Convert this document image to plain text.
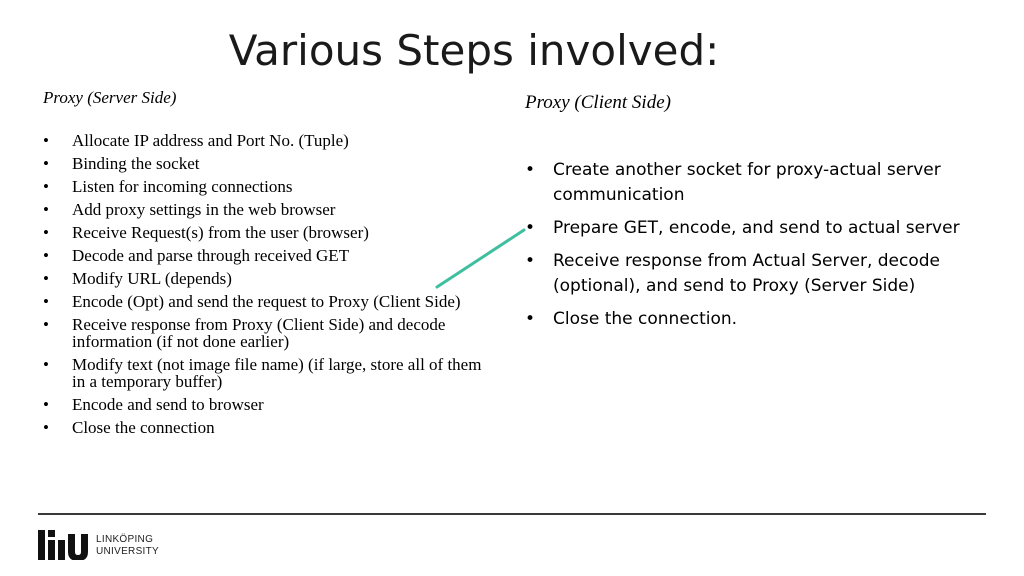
Various Steps involved:
Proxy (Server Side)
• Allocate IP address and Port No. (Tuple)
• Binding the socket
• Listen for incoming connections
• Add proxy settings in the web browser
• Receive Request(s) from the user (browser)
• Decode and parse through received GET
• Modify URL (depends)
• Encode (Opt) and send the request to Proxy (Client Side)
• Receive response from Proxy (Client Side) and decode information (if not done earlier)
• Modify text (not image file name) (if large, store all of them in a temporary buffer)
• Encode and send to browser
• Close the connection
Proxy (Client Side)
• Create another socket for proxy-actual server communication
• Prepare GET, encode, and send to actual server
• Receive response from Actual Server, decode (optional), and send to Proxy (Server Side)
• Close the connection.
LINKÖPING
UNIVERSITY
